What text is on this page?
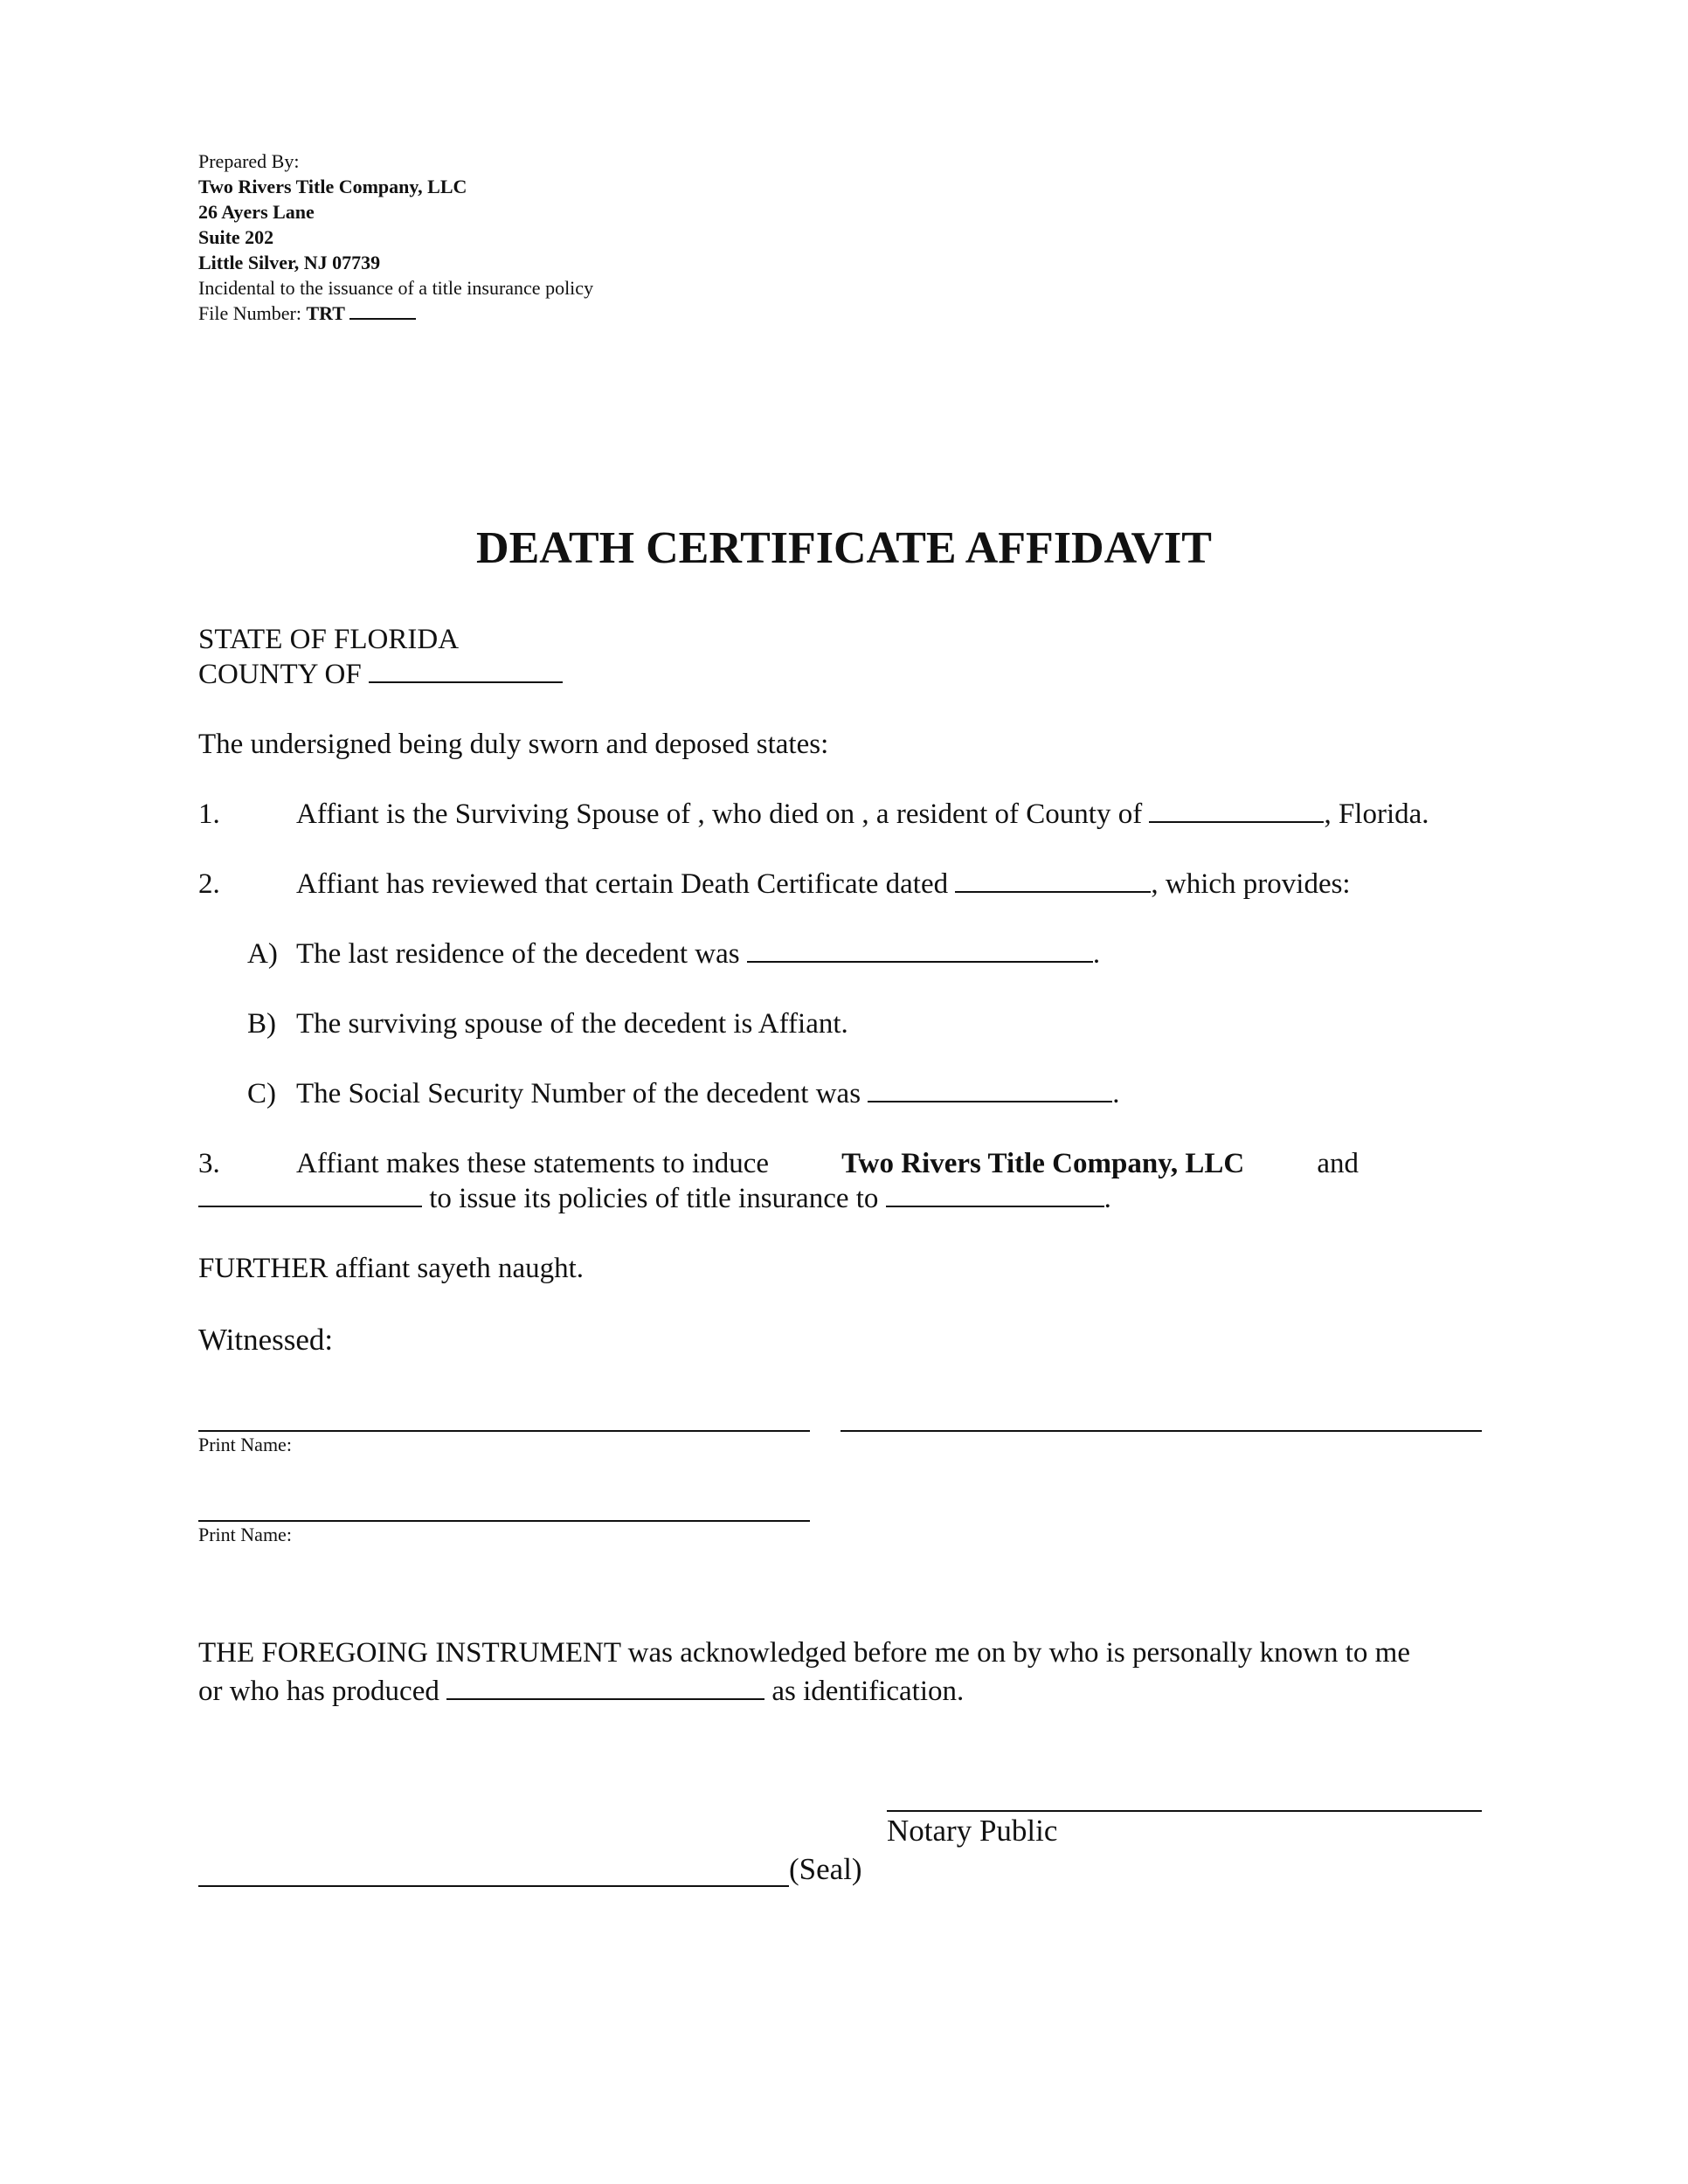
Prepared By:
Two Rivers Title Company, LLC
26 Ayers Lane
Suite 202
Little Silver, NJ 07739
Incidental to the issuance of a title insurance policy
File Number: TRT
DEATH CERTIFICATE AFFIDAVIT
STATE OF FLORIDA
COUNTY OF
The undersigned being duly sworn and deposed states:
1.	Affiant is the Surviving Spouse of , who died on , a resident of County of	, Florida.
2.	Affiant has reviewed that certain Death Certificate dated	, which provides:
A) The last residence of the decedent was	.
B) The surviving spouse of the decedent is Affiant.
C) The Social Security Number of the decedent was	.
3.	Affiant makes these statements to induce	Two Rivers Title Company, LLC	and
to issue its policies of title insurance to	.
FURTHER affiant sayeth naught.
Witnessed:
Print Name:
Print Name:
THE FOREGOING INSTRUMENT was acknowledged before me on by who is personally known to me
or who has produced	as identification.
Notary Public
(Seal)
